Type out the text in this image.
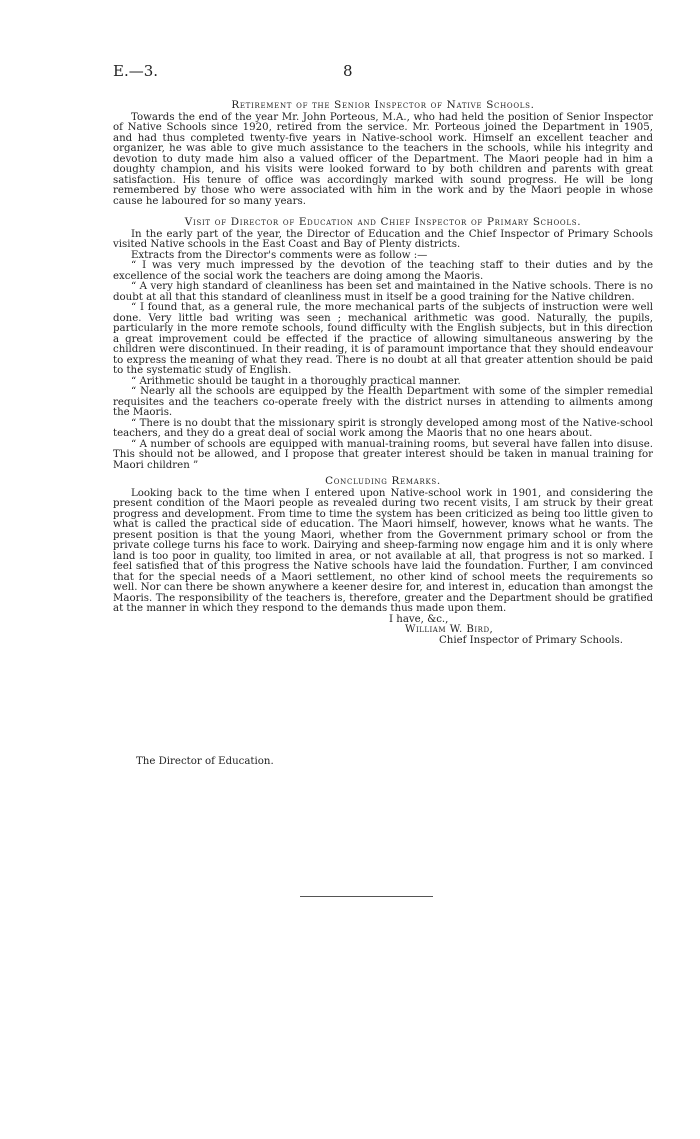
E.—3.	8

Retirement of the Senior Inspector of Native Schools.

Towards the end of the year Mr. John Porteous, M.A., who had held the position of Senior Inspector of Native Schools since 1920, retired from the service. Mr. Porteous joined the Department in 1905, and had thus completed twenty-five years in Native-school work. Himself an excellent teacher and organizer, he was able to give much assistance to the teachers in the schools, while his integrity and devotion to duty made him also a valued officer of the Department. The Maori people had in him a doughty champion, and his visits were looked forward to by both children and parents with great satisfaction. His tenure of office was accordingly marked with sound progress. He will be long remembered by those who were associated with him in the work and by the Maori people in whose cause he laboured for so many years.

Visit of Director of Education and Chief Inspector of Primary Schools.

In the early part of the year, the Director of Education and the Chief Inspector of Primary Schools visited Native schools in the East Coast and Bay of Plenty districts.

Extracts from the Director's comments were as follow :—

“ I was very much impressed by the devotion of the teaching staff to their duties and by the excellence of the social work the teachers are doing among the Maoris.

“ A very high standard of cleanliness has been set and maintained in the Native schools. There is no doubt at all that this standard of cleanliness must in itself be a good training for the Native children.

“ I found that, as a general rule, the more mechanical parts of the subjects of instruction were well done. Very little bad writing was seen ; mechanical arithmetic was good. Naturally, the pupils, particularly in the more remote schools, found difficulty with the English subjects, but in this direction a great improvement could be effected if the practice of allowing simultaneous answering by the children were discontinued. In their reading, it is of paramount importance that they should endeavour to express the meaning of what they read. There is no doubt at all that greater attention should be paid to the systematic study of English.

“ Arithmetic should be taught in a thoroughly practical manner.

“ Nearly all the schools are equipped by the Health Department with some of the simpler remedial requisites and the teachers co-operate freely with the district nurses in attending to ailments among the Maoris.

“ There is no doubt that the missionary spirit is strongly developed among most of the Native-school teachers, and they do a great deal of social work among the Maoris that no one hears about.

“ A number of schools are equipped with manual-training rooms, but several have fallen into disuse. This should not be allowed, and I propose that greater interest should be taken in manual training for Maori children ”

Concluding Remarks.

Looking back to the time when I entered upon Native-school work in 1901, and considering the present condition of the Maori people as revealed during two recent visits, I am struck by their great progress and development. From time to time the system has been criticized as being too little given to what is called the practical side of education. The Maori himself, however, knows what he wants. The present position is that the young Maori, whether from the Government primary school or from the private college turns his face to work. Dairying and sheep-farming now engage him and it is only where land is too poor in quality, too limited in area, or not available at all, that progress is not so marked. I feel satisfied that of this progress the Native schools have laid the foundation. Further, I am convinced that for the special needs of a Maori settlement, no other kind of school meets the requirements so well. Nor can there be shown anywhere a keener desire for, and interest in, education than amongst the Maoris. The responsibility of the teachers is, therefore, greater and the Department should be gratified at the manner in which they respond to the demands thus made upon them.

I have, &c.,

William W. Bird,

Chief Inspector of Primary Schools.

The Director of Education.
